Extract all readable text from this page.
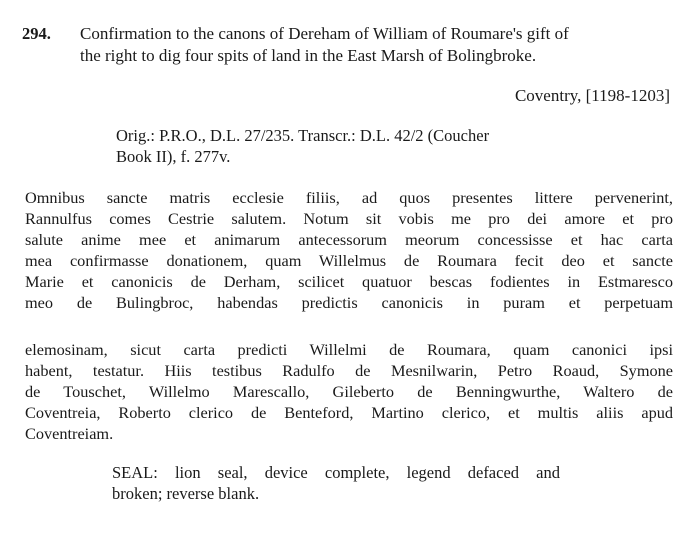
294. Confirmation to the canons of Dereham of William of Roumare's gift of
the right to dig four spits of land in the East Marsh of Bolingbroke.
Coventry, [1198-1203]
Orig.: P.R.O., D.L. 27/235. Transcr.: D.L. 42/2 (Coucher
Book II), f. 277v.
Omnibus sancte matris ecclesie filiis, ad quos presentes littere pervenerint,
Rannulfus comes Cestrie salutem. Notum sit vobis me pro dei amore et pro
salute anime mee et animarum antecessorum meorum concessisse et hac carta
mea confirmasse donationem, quam Willelmus de Roumara fecit deo et sancte
Marie et canonicis de Derham, scilicet quatuor bescas fodientes in Estmaresco
meo de Bulingbroc, habendas predictis canonicis in puram et perpetuam
elemosinam, sicut carta predicti Willelmi de Roumara, quam canonici ipsi
habent, testatur. Hiis testibus Radulfo de Mesnilwarin, Petro Roaud, Symone
de Touschet, Willelmo Marescallo, Gileberto de Benningwurthe, Waltero de
Coventreia, Roberto clerico de Benteford, Martino clerico, et multis aliis apud
Coventreiam.
SEAL: lion seal, device complete, legend defaced and
broken; reverse blank.
